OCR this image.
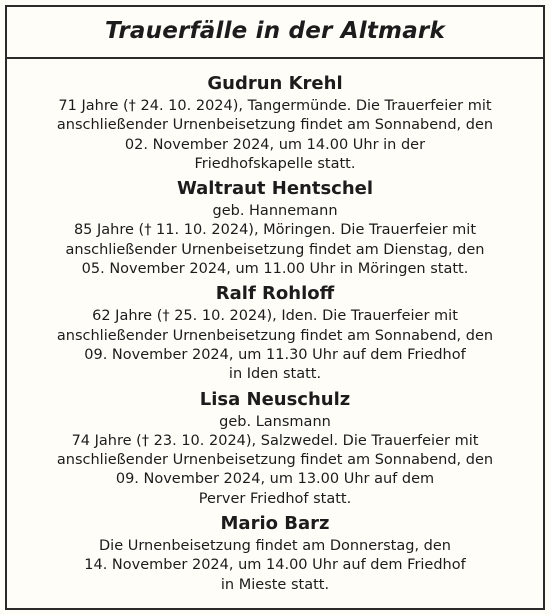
Trauerfälle in der Altmark
Gudrun Krehl
71 Jahre († 24. 10. 2024), Tangermünde. Die Trauerfeier mit
anschließender Urnenbeisetzung findet am Sonnabend, den
02. November 2024, um 14.00 Uhr in der
Friedhofskapelle statt.
Waltraut Hentschel
geb. Hannemann
85 Jahre († 11. 10. 2024), Möringen. Die Trauerfeier mit
anschließender Urnenbeisetzung findet am Dienstag, den
05. November 2024, um 11.00 Uhr in Möringen statt.
Ralf Rohloff
62 Jahre († 25. 10. 2024), Iden. Die Trauerfeier mit
anschließender Urnenbeisetzung findet am Sonnabend, den
09. November 2024, um 11.30 Uhr auf dem Friedhof
in Iden statt.
Lisa Neuschulz
geb. Lansmann
74 Jahre († 23. 10. 2024), Salzwedel. Die Trauerfeier mit
anschließender Urnenbeisetzung findet am Sonnabend, den
09. November 2024, um 13.00 Uhr auf dem
Perver Friedhof statt.
Mario Barz
Die Urnenbeisetzung findet am Donnerstag, den
14. November 2024, um 14.00 Uhr auf dem Friedhof
in Mieste statt.
